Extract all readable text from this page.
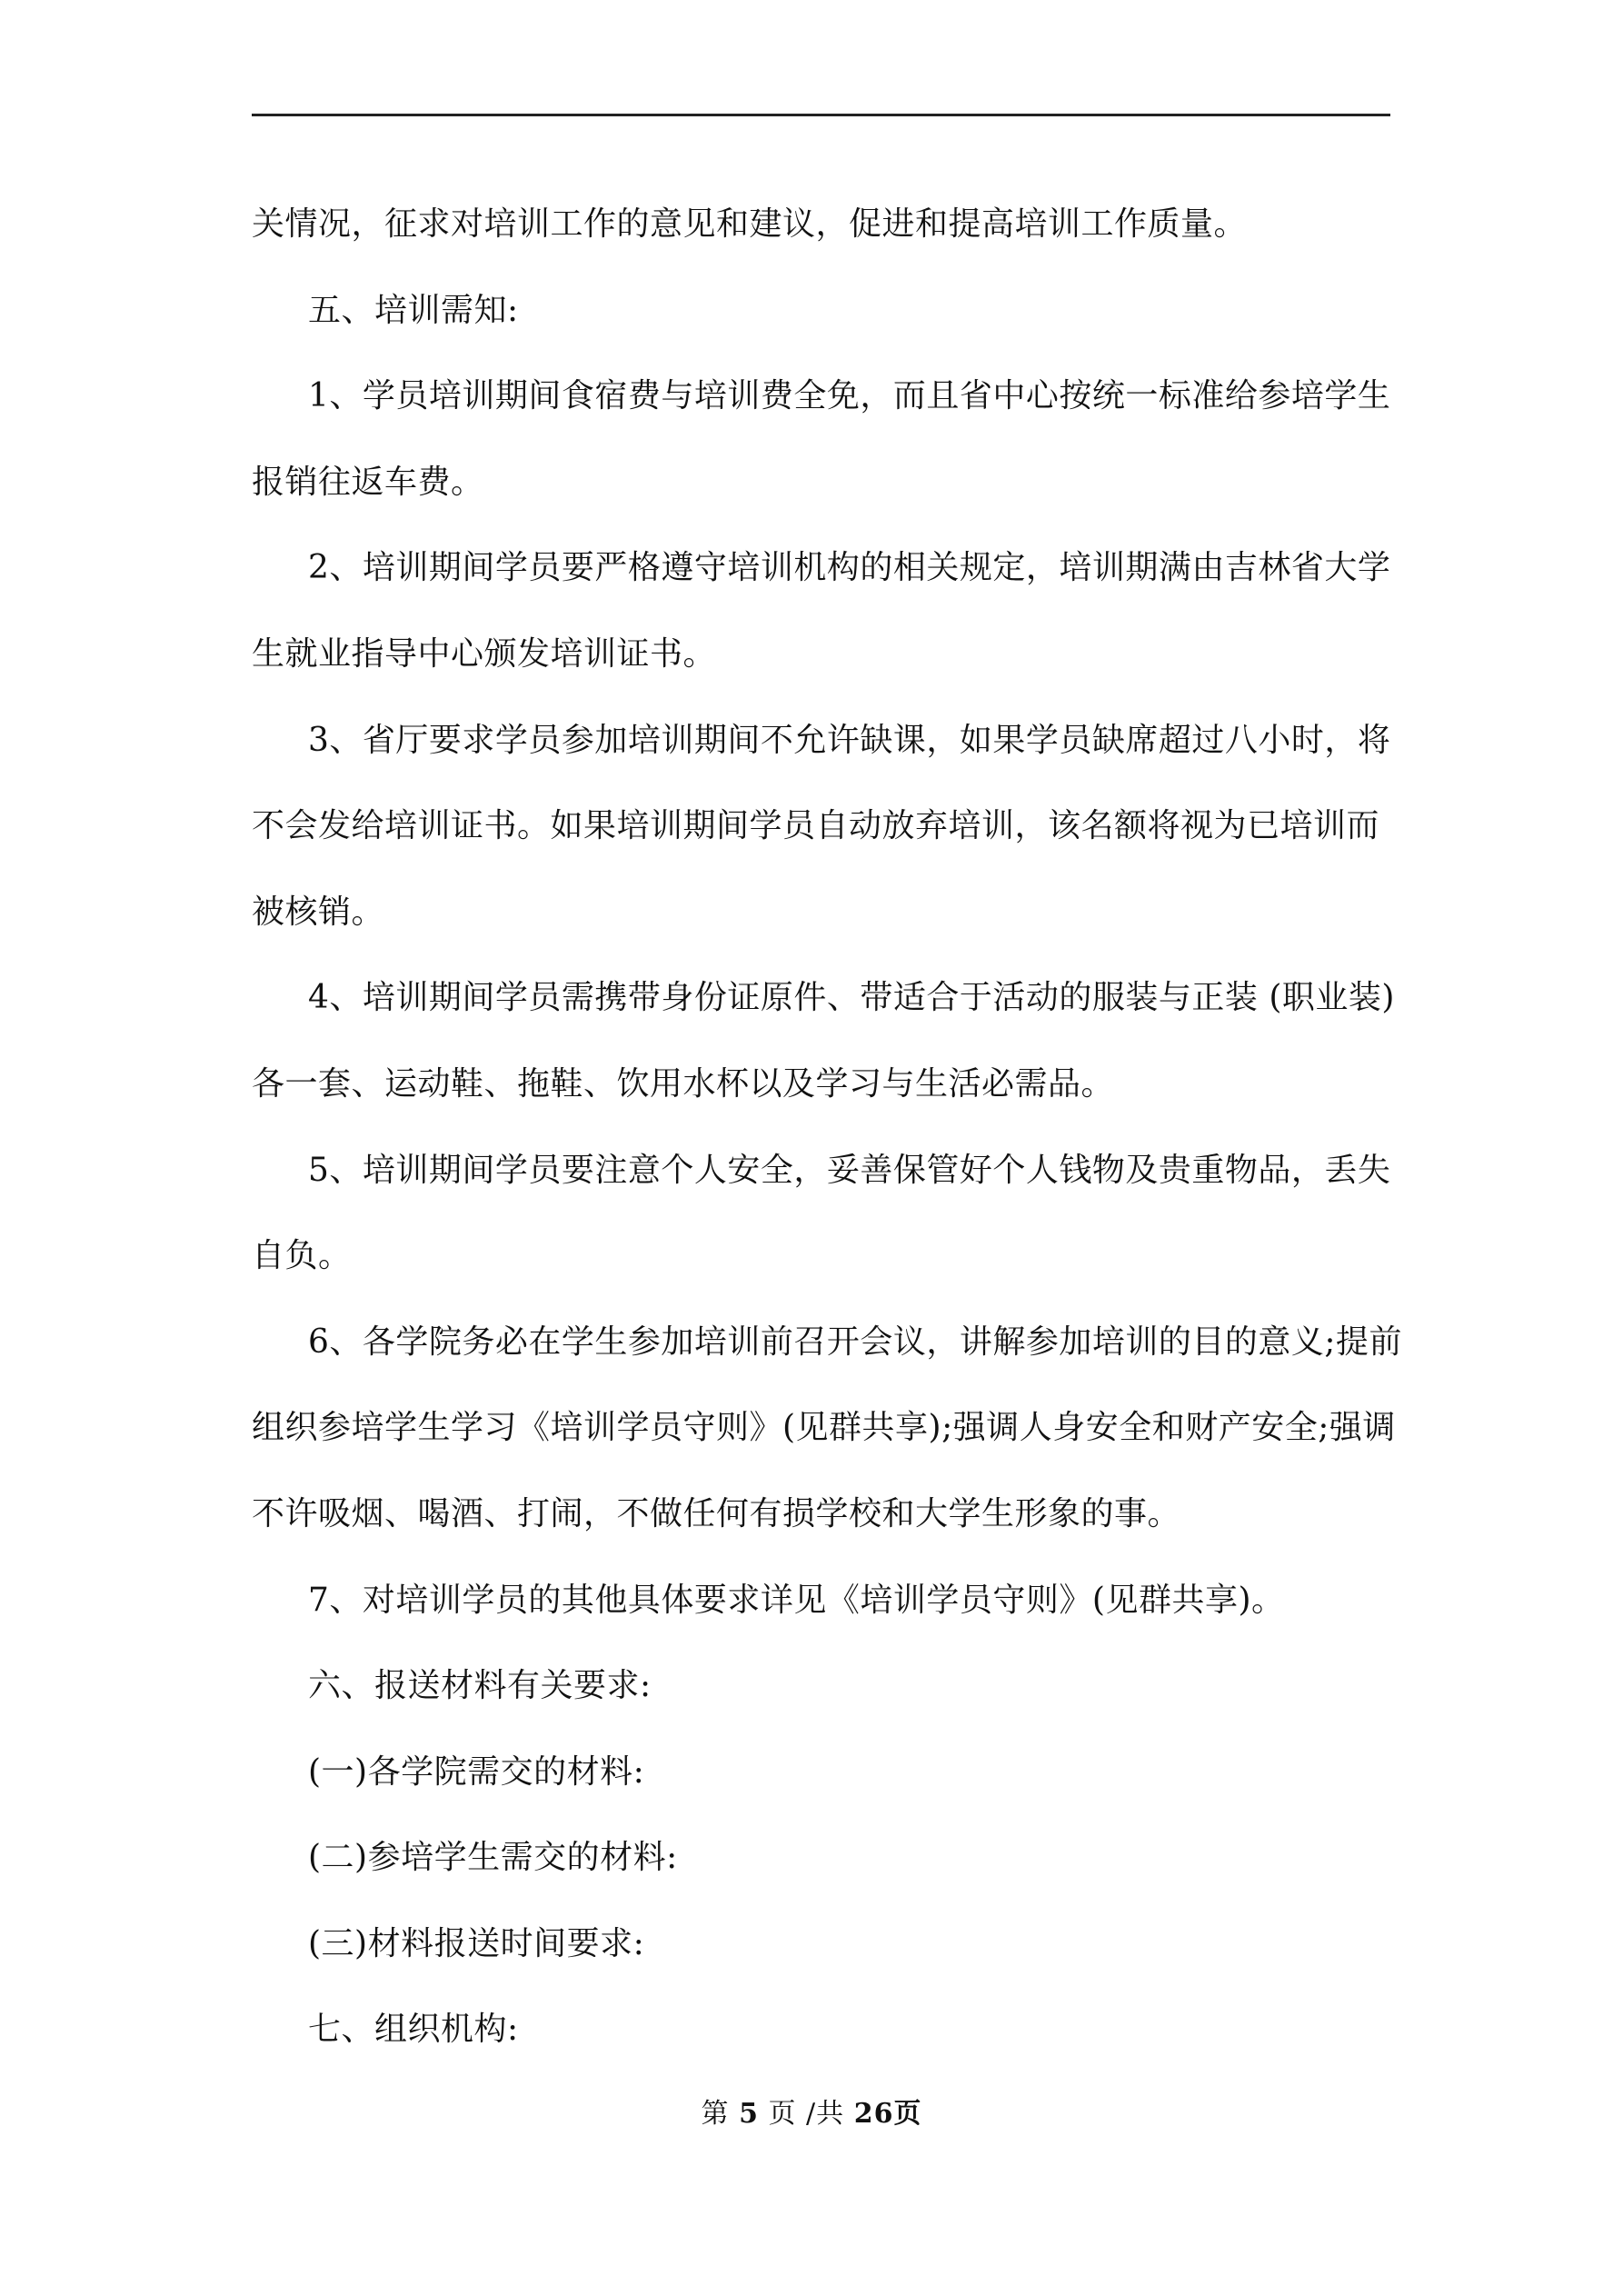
关情况，征求对培训工作的意见和建议，促进和提高培训工作质量。
五、培训需知:
1、学员培训期间食宿费与培训费全免，而且省中心按统一标准给参培学生
报销往返车费。
2、培训期间学员要严格遵守培训机构的相关规定，培训期满由吉林省大学
生就业指导中心颁发培训证书。
3、省厅要求学员参加培训期间不允许缺课，如果学员缺席超过八小时，将
不会发给培训证书。如果培训期间学员自动放弃培训，该名额将视为已培训而
被核销。
4、培训期间学员需携带身份证原件、带适合于活动的服装与正装 (职业装)
各一套、运动鞋、拖鞋、饮用水杯以及学习与生活必需品。
5、培训期间学员要注意个人安全，妥善保管好个人钱物及贵重物品，丢失
自负。
6、各学院务必在学生参加培训前召开会议，讲解参加培训的目的意义;提前
组织参培学生学习《培训学员守则》(见群共享);强调人身安全和财产安全;强调
不许吸烟、喝酒、打闹，不做任何有损学校和大学生形象的事。
7、对培训学员的其他具体要求详见《培训学员守则》(见群共享)。
六、报送材料有关要求:
(一)各学院需交的材料:
(二)参培学生需交的材料:
(三)材料报送时间要求:
七、组织机构:
第 5 页 /共 26页
